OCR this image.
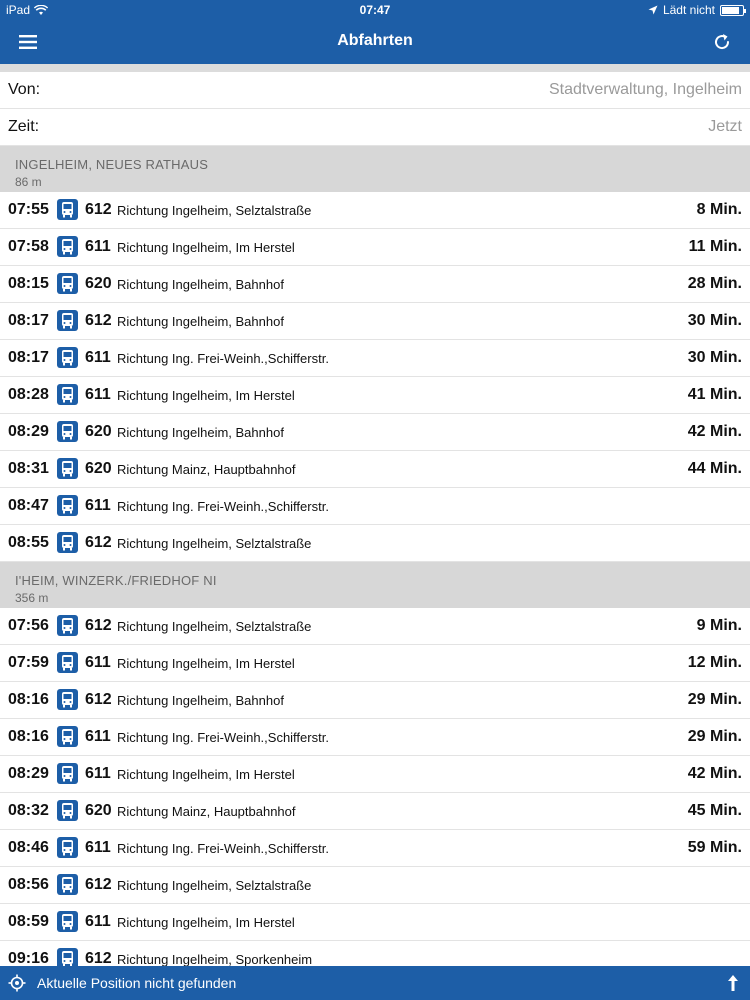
iPad	07:47	Lädt nicht
Abfahrten
Von:	Stadtverwaltung, Ingelheim
Zeit:	Jetzt
INGELHEIM, NEUES RATHAUS
86 m
07:55 612 Richtung Ingelheim, Selztalstraße	8 Min.
07:58 611 Richtung Ingelheim, Im Herstel	11 Min.
08:15 620 Richtung Ingelheim, Bahnhof	28 Min.
08:17 612 Richtung Ingelheim, Bahnhof	30 Min.
08:17 611 Richtung Ing. Frei-Weinh.,Schifferstr.	30 Min.
08:28 611 Richtung Ingelheim, Im Herstel	41 Min.
08:29 620 Richtung Ingelheim, Bahnhof	42 Min.
08:31 620 Richtung Mainz, Hauptbahnhof	44 Min.
08:47 611 Richtung Ing. Frei-Weinh.,Schifferstr.
08:55 612 Richtung Ingelheim, Selztalstraße
I'HEIM, WINZERK./FRIEDHOF NI
356 m
07:56 612 Richtung Ingelheim, Selztalstraße	9 Min.
07:59 611 Richtung Ingelheim, Im Herstel	12 Min.
08:16 612 Richtung Ingelheim, Bahnhof	29 Min.
08:16 611 Richtung Ing. Frei-Weinh.,Schifferstr.	29 Min.
08:29 611 Richtung Ingelheim, Im Herstel	42 Min.
08:32 620 Richtung Mainz, Hauptbahnhof	45 Min.
08:46 611 Richtung Ing. Frei-Weinh.,Schifferstr.	59 Min.
08:56 612 Richtung Ingelheim, Selztalstraße
08:59 611 Richtung Ingelheim, Im Herstel
09:16 612 Richtung Ingelheim, Sporkenheim
Aktuelle Position nicht gefunden
